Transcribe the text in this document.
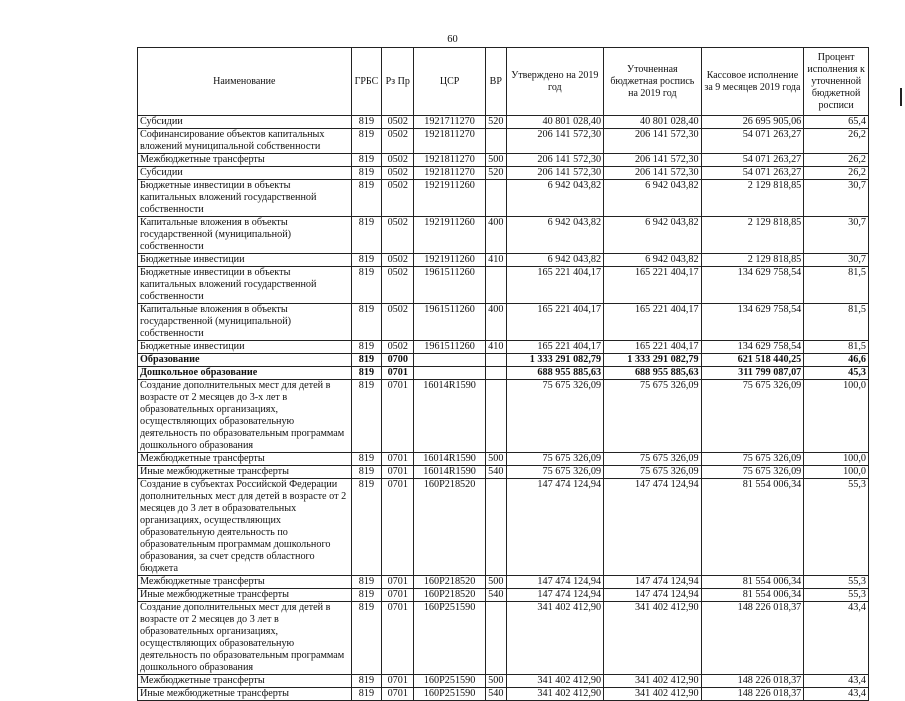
60
Наименование	ГРБС	Рз Пр	ЦСР	ВР	Утверждено на 2019 год	Уточненная бюджетная роспись на 2019 год	Кассовое исполнение за 9 месяцев 2019 года	Процент исполнения к уточненной бюджетной росписи
Субсидии	819	0502	1921711270	520	40 801 028,40	40 801 028,40	26 695 905,06	65,4
Софинансирование объектов капитальных вложений муниципальной собственности	819	0502	1921811270		206 141 572,30	206 141 572,30	54 071 263,27	26,2
Межбюджетные трансферты	819	0502	1921811270	500	206 141 572,30	206 141 572,30	54 071 263,27	26,2
Субсидии	819	0502	1921811270	520	206 141 572,30	206 141 572,30	54 071 263,27	26,2
Бюджетные инвестиции в объекты капитальных вложений государственной собственности	819	0502	1921911260		6 942 043,82	6 942 043,82	2 129 818,85	30,7
Капитальные вложения в объекты государственной (муниципальной) собственности	819	0502	1921911260	400	6 942 043,82	6 942 043,82	2 129 818,85	30,7
Бюджетные инвестиции	819	0502	1921911260	410	6 942 043,82	6 942 043,82	2 129 818,85	30,7
Бюджетные инвестиции в объекты капитальных вложений государственной собственности	819	0502	1961511260		165 221 404,17	165 221 404,17	134 629 758,54	81,5
Капитальные вложения в объекты государственной (муниципальной) собственности	819	0502	1961511260	400	165 221 404,17	165 221 404,17	134 629 758,54	81,5
Бюджетные инвестиции	819	0502	1961511260	410	165 221 404,17	165 221 404,17	134 629 758,54	81,5
Образование	819	0700			1 333 291 082,79	1 333 291 082,79	621 518 440,25	46,6
Дошкольное образование	819	0701			688 955 885,63	688 955 885,63	311 799 087,07	45,3
Создание дополнительных мест для детей в возрасте от 2 месяцев до 3-х лет в образовательных организациях, осуществляющих образовательную деятельность по образовательным программам дошкольного образования	819	0701	16014R1590		75 675 326,09	75 675 326,09	75 675 326,09	100,0
Межбюджетные трансферты	819	0701	16014R1590	500	75 675 326,09	75 675 326,09	75 675 326,09	100,0
Иные межбюджетные трансферты	819	0701	16014R1590	540	75 675 326,09	75 675 326,09	75 675 326,09	100,0
Создание в субъектах Российской Федерации дополнительных мест для детей в возрасте от 2 месяцев до 3 лет в образовательных организациях, осуществляющих образовательную деятельность по образовательным программам дошкольного образования, за счет средств областного бюджета	819	0701	160P218520		147 474 124,94	147 474 124,94	81 554 006,34	55,3
Межбюджетные трансферты	819	0701	160P218520	500	147 474 124,94	147 474 124,94	81 554 006,34	55,3
Иные межбюджетные трансферты	819	0701	160P218520	540	147 474 124,94	147 474 124,94	81 554 006,34	55,3
Создание дополнительных мест для детей в возрасте от 2 месяцев до 3 лет в образовательных организациях, осуществляющих образовательную деятельность по образовательным программам дошкольного образования	819	0701	160P251590		341 402 412,90	341 402 412,90	148 226 018,37	43,4
Межбюджетные трансферты	819	0701	160P251590	500	341 402 412,90	341 402 412,90	148 226 018,37	43,4
Иные межбюджетные трансферты	819	0701	160P251590	540	341 402 412,90	341 402 412,90	148 226 018,37	43,4
